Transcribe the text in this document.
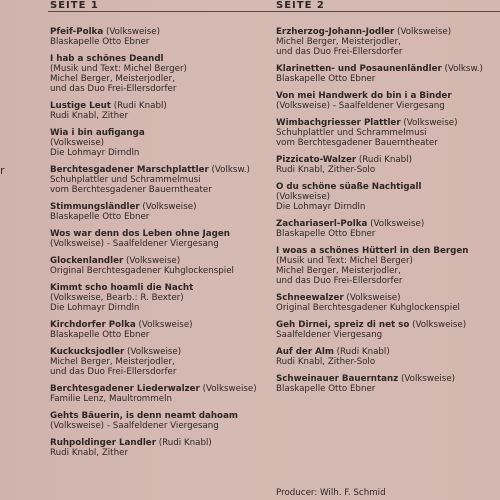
SEITE 1	SEITE 2
r
Pfeif-Polka (Volksweise)
Blaskapelle Otto Ebner
I hab a schönes Deandl
(Musik und Text: Michel Berger)
Michel Berger, Meisterjodler,
und das Duo Frei-Ellersdorfer
Lustige Leut (Rudi Knabl)
Rudi Knabl, Zither
Wia i bin aufiganga
(Volksweise)
Die Lohmayr Dirndln
Berchtesgadener Marschplattler (Volksw.)
Schuhplattler und Schrammelmusi
vom Berchtesgadener Bauerntheater
Stimmungsländler (Volksweise)
Blaskapelle Otto Ebner
Wos war denn dos Leben ohne Jagen
(Volksweise) - Saalfeldener Viergesang
Glockenlandler (Volksweise)
Original Berchtesgadener Kuhglockenspiel
Kimmt scho hoamli die Nacht
(Volksweise, Bearb.: R. Bexter)
Die Lohmayr Dirndln
Kirchdorfer Polka (Volksweise)
Blaskapelle Otto Ebner
Kuckucksjodler (Volksweise)
Michel Berger, Meisterjodler,
und das Duo Frei-Ellersdorfer
Berchtesgadener Liederwalzer (Volksweise)
Familie Lenz, Maultrommeln
Gehts Bäuerin, is denn neamt dahoam
(Volksweise) - Saalfeldener Viergesang
Ruhpoldinger Landler (Rudi Knabl)
Rudi Knabl, Zither
Erzherzog-Johann-Jodler (Volksweise)
Michel Berger, Meisterjodler,
und das Duo Frei-Ellersdorfer
Klarinetten- und Posaunenländler (Volksw.)
Blaskapelle Otto Ebner
Von mei Handwerk do bin i a Binder
(Volksweise) - Saalfeldener Viergesang
Wimbachgriesser Plattler (Volksweise)
Schuhplattler und Schrammelmusi
vom Berchtesgadener Bauerntheater
Pizzicato-Walzer (Rudi Knabl)
Rudi Knabl, Zither-Solo
O du schöne süaße Nachtigall
(Volksweise)
Die Lohmayr Dirndln
Zachariaserl-Polka (Volksweise)
Blaskapelle Otto Ebner
I woas a schönes Hütterl in den Bergen
(Musik und Text: Michel Berger)
Michel Berger, Meisterjodler,
und das Duo Frei-Ellersdorfer
Schneewalzer (Volksweise)
Original Berchtesgadener Kuhglockenspiel
Geh Dirnei, spreiz di net so (Volksweise)
Saalfeldener Viergesang
Auf der Alm (Rudi Knabl)
Rudi Knabl, Zither-Solo
Schweinauer Bauerntanz (Volksweise)
Blaskapelle Otto Ebner
Producer: Wilh. F. Schmid
